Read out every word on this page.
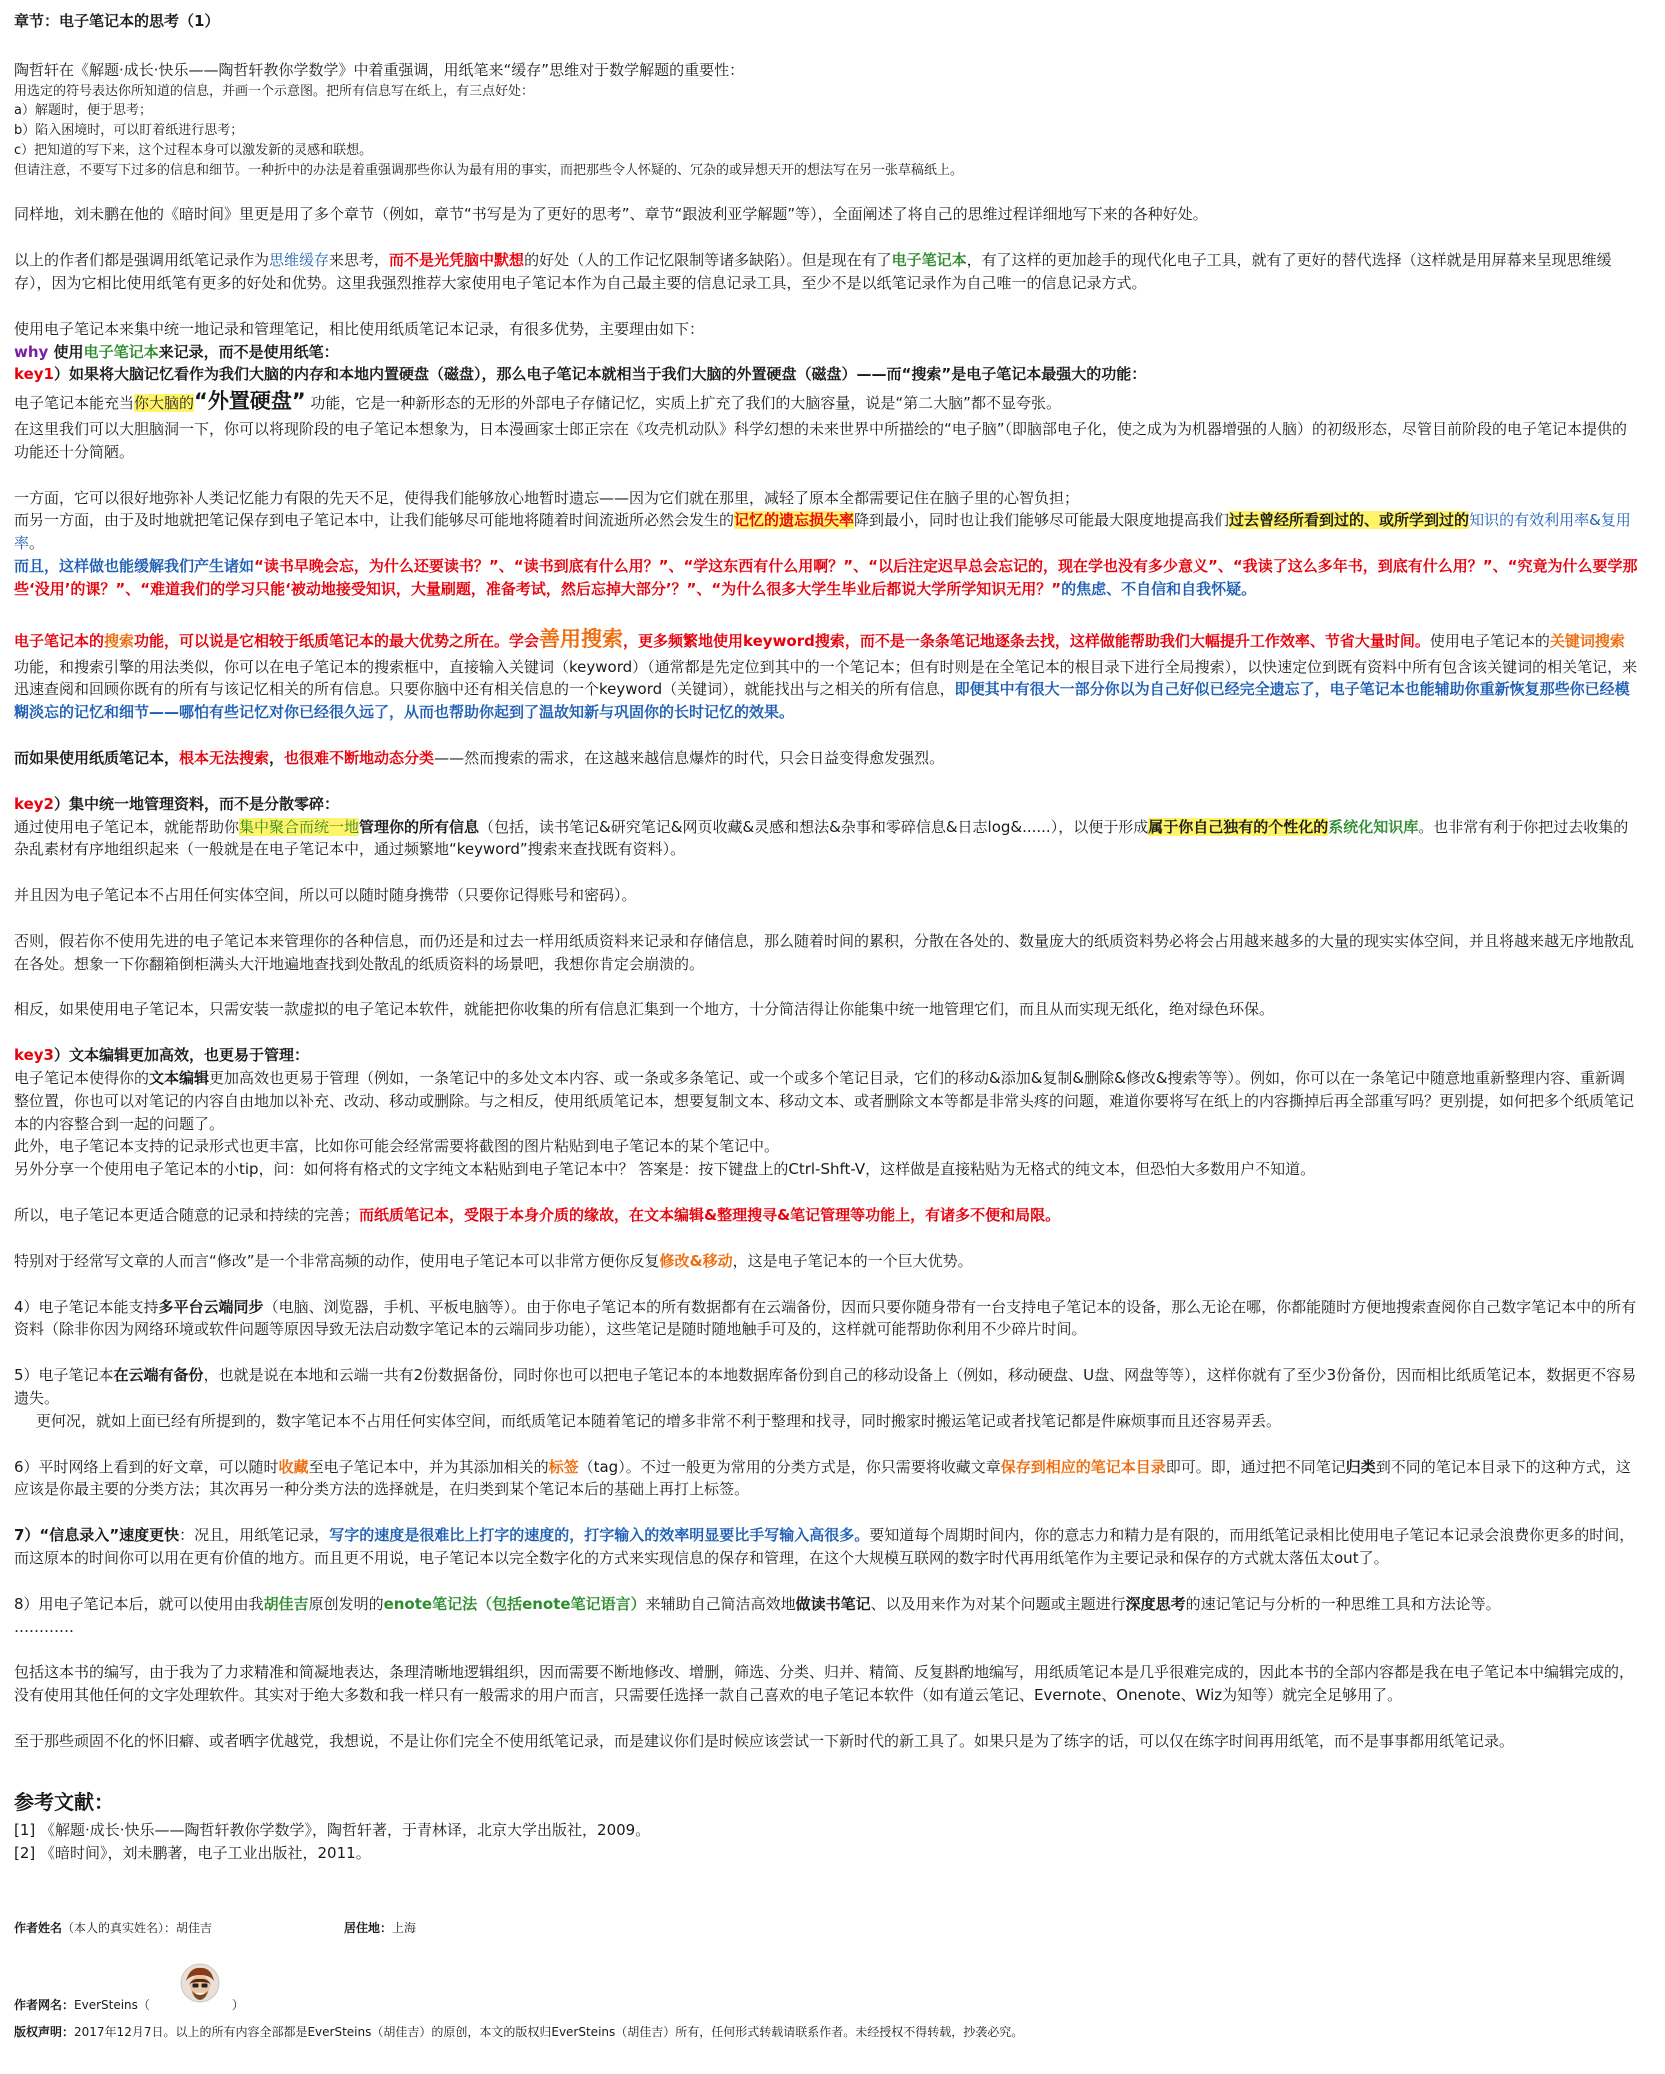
章节：电子笔记本的思考（1）

陶哲轩在《解题·成长·快乐——陶哲轩教你学数学》中着重强调，用纸笔来“缓存”思维对于数学解题的重要性：

用选定的符号表达你所知道的信息，并画一个示意图。把所有信息写在纸上，有三点好处：

a）解题时，便于思考；

b）陷入困境时，可以盯着纸进行思考；

c）把知道的写下来，这个过程本身可以激发新的灵感和联想。

但请注意，不要写下过多的信息和细节。一种折中的办法是着重强调那些你认为最有用的事实，而把那些令人怀疑的、冗杂的或异想天开的想法写在另一张草稿纸上。

同样地，刘未鹏在他的《暗时间》里更是用了多个章节（例如，章节“书写是为了更好的思考”、章节“跟波利亚学解题”等），全面阐述了将自己的思维过程详细地写下来的各种好处。

以上的作者们都是强调用纸笔记录作为思维缓存来思考，而不是光凭脑中默想的好处（人的工作记忆限制等诸多缺陷）。但是现在有了电子笔记本，有了这样的更加趁手的现代化电子工具，就有了更好的替代选择（这样就是用屏幕来呈现思维缓存），因为它相比使用纸笔有更多的好处和优势。这里我强烈推荐大家使用电子笔记本作为自己最主要的信息记录工具，至少不是以纸笔记录作为自己唯一的信息记录方式。

使用电子笔记本来集中统一地记录和管理笔记，相比使用纸质笔记本记录，有很多优势，主要理由如下：

why 使用电子笔记本来记录，而不是使用纸笔：

key1）如果将大脑记忆看作为我们大脑的内存和本地内置硬盘（磁盘），那么电子笔记本就相当于我们大脑的外置硬盘（磁盘）——而“搜索”是电子笔记本最强大的功能：

电子笔记本能充当你大脑的“外置硬盘” 功能，它是一种新形态的无形的外部电子存储记忆，实质上扩充了我们的大脑容量，说是“第二大脑”都不显夸张。

在这里我们可以大胆脑洞一下，你可以将现阶段的电子笔记本想象为，日本漫画家士郎正宗在《攻壳机动队》科学幻想的未来世界中所描绘的“电子脑”（即脑部电子化，使之成为为机器增强的人脑）的初级形态，尽管目前阶段的电子笔记本提供的功能还十分简陋。

一方面，它可以很好地弥补人类记忆能力有限的先天不足，使得我们能够放心地暂时遗忘——因为它们就在那里，减轻了原本全都需要记住在脑子里的心智负担；

而另一方面，由于及时地就把笔记保存到电子笔记本中，让我们能够尽可能地将随着时间流逝所必然会发生的记忆的遗忘损失率降到最小，同时也让我们能够尽可能最大限度地提高我们过去曾经所看到过的、或所学到过的知识的有效利用率&复用率。

而且，这样做也能缓解我们产生诸如“读书早晚会忘，为什么还要读书？”、“读书到底有什么用？”、“学这东西有什么用啊？”、“以后注定迟早总会忘记的，现在学也没有多少意义”、“我读了这么多年书，到底有什么用？”、“究竟为什么要学那些‘没用’的课？”、“难道我们的学习只能‘被动地接受知识，大量刷题，准备考试，然后忘掉大部分’？”、“为什么很多大学生毕业后都说大学所学知识无用？”的焦虑、不自信和自我怀疑。

电子笔记本的搜索功能，可以说是它相较于纸质笔记本的最大优势之所在。学会善用搜索，更多频繁地使用keyword搜索，而不是一条条笔记地逐条去找，这样做能帮助我们大幅提升工作效率、节省大量时间。使用电子笔记本的关键词搜索功能，和搜索引擎的用法类似，你可以在电子笔记本的搜索框中，直接输入关键词（keyword）（通常都是先定位到其中的一个笔记本；但有时则是在全笔记本的根目录下进行全局搜索），以快速定位到既有资料中所有包含该关键词的相关笔记，来迅速查阅和回顾你既有的所有与该记忆相关的所有信息。只要你脑中还有相关信息的一个keyword（关键词），就能找出与之相关的所有信息，即便其中有很大一部分你以为自己好似已经完全遗忘了，电子笔记本也能辅助你重新恢复那些你已经模糊淡忘的记忆和细节——哪怕有些记忆对你已经很久远了，从而也帮助你起到了温故知新与巩固你的长时记忆的效果。

而如果使用纸质笔记本，根本无法搜索，也很难不断地动态分类——然而搜索的需求，在这越来越信息爆炸的时代，只会日益变得愈发强烈。

key2）集中统一地管理资料，而不是分散零碎：

通过使用电子笔记本，就能帮助你集中聚合而统一地管理你的所有信息（包括，读书笔记&研究笔记&网页收藏&灵感和想法&杂事和零碎信息&日志log&......），以便于形成属于你自己独有的个性化的系统化知识库。也非常有利于你把过去收集的杂乱素材有序地组织起来（一般就是在电子笔记本中，通过频繁地“keyword”搜索来查找既有资料）。

并且因为电子笔记本不占用任何实体空间，所以可以随时随身携带（只要你记得账号和密码）。

否则，假若你不使用先进的电子笔记本来管理你的各种信息，而仍还是和过去一样用纸质资料来记录和存储信息，那么随着时间的累积，分散在各处的、数量庞大的纸质资料势必将会占用越来越多的大量的现实实体空间，并且将越来越无序地散乱在各处。想象一下你翻箱倒柜满头大汗地遍地查找到处散乱的纸质资料的场景吧，我想你肯定会崩溃的。

相反，如果使用电子笔记本，只需安装一款虚拟的电子笔记本软件，就能把你收集的所有信息汇集到一个地方，十分简洁得让你能集中统一地管理它们，而且从而实现无纸化，绝对绿色环保。

key3）文本编辑更加高效，也更易于管理：

电子笔记本使得你的文本编辑更加高效也更易于管理（例如，一条笔记中的多处文本内容、或一条或多条笔记、或一个或多个笔记目录，它们的移动&添加&复制&删除&修改&搜索等等）。例如，你可以在一条笔记中随意地重新整理内容、重新调整位置，你也可以对笔记的内容自由地加以补充、改动、移动或删除。与之相反，使用纸质笔记本，想要复制文本、移动文本、或者删除文本等都是非常头疼的问题，难道你要将写在纸上的内容撕掉后再全部重写吗？更别提，如何把多个纸质笔记本的内容整合到一起的问题了。

此外，电子笔记本支持的记录形式也更丰富，比如你可能会经常需要将截图的图片粘贴到电子笔记本的某个笔记中。

另外分享一个使用电子笔记本的小tip，问：如何将有格式的文字纯文本粘贴到电子笔记本中？ 答案是：按下键盘上的Ctrl-Shft-V，这样做是直接粘贴为无格式的纯文本，但恐怕大多数用户不知道。

所以，电子笔记本更适合随意的记录和持续的完善；而纸质笔记本，受限于本身介质的缘故，在文本编辑&整理搜寻&笔记管理等功能上，有诸多不便和局限。

特别对于经常写文章的人而言“修改”是一个非常高频的动作，使用电子笔记本可以非常方便你反复修改&移动，这是电子笔记本的一个巨大优势。

4）电子笔记本能支持多平台云端同步（电脑、浏览器，手机、平板电脑等）。由于你电子笔记本的所有数据都有在云端备份，因而只要你随身带有一台支持电子笔记本的设备，那么无论在哪，你都能随时方便地搜索查阅你自己数字笔记本中的所有资料（除非你因为网络环境或软件问题等原因导致无法启动数字笔记本的云端同步功能），这些笔记是随时随地触手可及的，这样就可能帮助你利用不少碎片时间。

5）电子笔记本在云端有备份，也就是说在本地和云端一共有2份数据备份，同时你也可以把电子笔记本的本地数据库备份到自己的移动设备上（例如，移动硬盘、U盘、网盘等等），这样你就有了至少3份备份，因而相比纸质笔记本，数据更不容易遗失。

更何况，就如上面已经有所提到的，数字笔记本不占用任何实体空间，而纸质笔记本随着笔记的增多非常不利于整理和找寻，同时搬家时搬运笔记或者找笔记都是件麻烦事而且还容易弄丢。

6）平时网络上看到的好文章，可以随时收藏至电子笔记本中，并为其添加相关的标签（tag）。不过一般更为常用的分类方式是，你只需要将收藏文章保存到相应的笔记本目录即可。即，通过把不同笔记归类到不同的笔记本目录下的这种方式，这应该是你最主要的分类方法；其次再另一种分类方法的选择就是，在归类到某个笔记本后的基础上再打上标签。

7）“信息录入”速度更快：况且，用纸笔记录，写字的速度是很难比上打字的速度的，打字输入的效率明显要比手写输入高很多。要知道每个周期时间内，你的意志力和精力是有限的，而用纸笔记录相比使用电子笔记本记录会浪费你更多的时间，而这原本的时间你可以用在更有价值的地方。而且更不用说，电子笔记本以完全数字化的方式来实现信息的保存和管理，在这个大规模互联网的数字时代再用纸笔作为主要记录和保存的方式就太落伍太out了。

8）用电子笔记本后，就可以使用由我胡佳吉原创发明的enote笔记法（包括enote笔记语言）来辅助自己简洁高效地做读书笔记、以及用来作为对某个问题或主题进行深度思考的速记笔记与分析的一种思维工具和方法论等。

…………

包括这本书的编写，由于我为了力求精准和简凝地表达，条理清晰地逻辑组织，因而需要不断地修改、增删，筛选、分类、归并、精简、反复斟酌地编写，用纸质笔记本是几乎很难完成的，因此本书的全部内容都是我在电子笔记本中编辑完成的，没有使用其他任何的文字处理软件。其实对于绝大多数和我一样只有一般需求的用户而言，只需要任选择一款自己喜欢的电子笔记本软件（如有道云笔记、Evernote、Onenote、Wiz为知等）就完全足够用了。

至于那些顽固不化的怀旧癖、或者晒字优越党，我想说，不是让你们完全不使用纸笔记录，而是建议你们是时候应该尝试一下新时代的新工具了。如果只是为了练字的话，可以仅在练字时间再用纸笔，而不是事事都用纸笔记录。

参考文献：

[1] 《解题·成长·快乐——陶哲轩教你学数学》，陶哲轩著，于青林译，北京大学出版社，2009。

[2] 《暗时间》，刘未鹏著，电子工业出版社，2011。

作者姓名（本人的真实姓名）：胡佳吉	居住地：上海
作者网名：EverSteins（	）
版权声明：2017年12月7日。以上的所有内容全部都是EverSteins（胡佳吉）的原创，本文的版权归EverSteins（胡佳吉）所有，任何形式转载请联系作者。未经授权不得转载，抄袭必究。
